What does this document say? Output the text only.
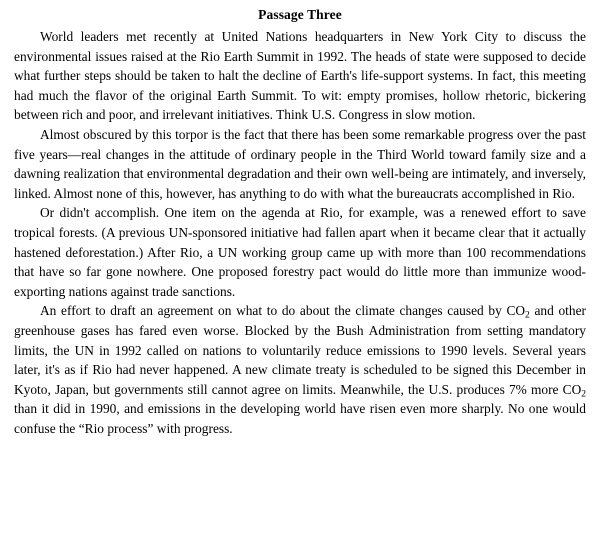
Passage Three

World leaders met recently at United Nations headquarters in New York City to discuss the environmental issues raised at the Rio Earth Summit in 1992. The heads of state were supposed to decide what further steps should be taken to halt the decline of Earth's life-support systems. In fact, this meeting had much the flavor of the original Earth Summit. To wit: empty promises, hollow rhetoric, bickering between rich and poor, and irrelevant initiatives. Think U.S. Congress in slow motion.

Almost obscured by this torpor is the fact that there has been some remarkable progress over the past five years—real changes in the attitude of ordinary people in the Third World toward family size and a dawning realization that environmental degradation and their own well-being are intimately, and inversely, linked. Almost none of this, however, has anything to do with what the bureaucrats accomplished in Rio.

Or didn't accomplish. One item on the agenda at Rio, for example, was a renewed effort to save tropical forests. (A previous UN-sponsored initiative had fallen apart when it became clear that it actually hastened deforestation.) After Rio, a UN working group came up with more than 100 recommendations that have so far gone nowhere. One proposed forestry pact would do little more than immunize wood-exporting nations against trade sanctions.

An effort to draft an agreement on what to do about the climate changes caused by $CO_2$ and other greenhouse gases has fared even worse. Blocked by the Bush Administration from setting mandatory limits, the UN in 1992 called on nations to voluntarily reduce emissions to 1990 levels. Several years later, it's as if Rio had never happened. A new climate treaty is scheduled to be signed this December in Kyoto, Japan, but governments still cannot agree on limits. Meanwhile, the U.S. produces 7% more $CO_2$ than it did in 1990, and emissions in the developing world have risen even more sharply. No one would confuse the “Rio process” with progress.
